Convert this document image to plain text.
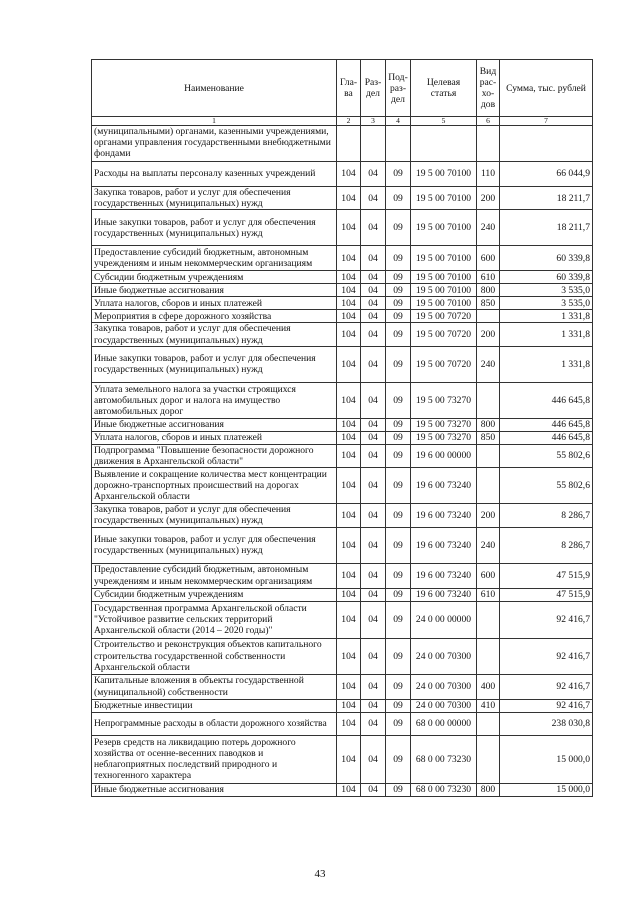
Наименование	Гла-ва	Раз-дел	Под-раз-дел	Целевая статья	Вид рас-хо-дов	Сумма, тыс. рублей
1	2	3	4	5	6	7
(муниципальными) органами, казенными учреждениями, органами управления государственными внебюджетными фондами						
Расходы на выплаты персоналу казенных учреждений	104	04	09	19 5 00 70100	110	66 044,9
Закупка товаров, работ и услуг для обеспечения государственных (муниципальных) нужд	104	04	09	19 5 00 70100	200	18 211,7
Иные закупки товаров, работ и услуг для обеспечения государственных (муниципальных) нужд	104	04	09	19 5 00 70100	240	18 211,7
Предоставление субсидий бюджетным, автономным учреждениям и иным некоммерческим организациям	104	04	09	19 5 00 70100	600	60 339,8
Субсидии бюджетным учреждениям	104	04	09	19 5 00 70100	610	60 339,8
Иные бюджетные ассигнования	104	04	09	19 5 00 70100	800	3 535,0
Уплата налогов, сборов и иных платежей	104	04	09	19 5 00 70100	850	3 535,0
Мероприятия в сфере дорожного хозяйства	104	04	09	19 5 00 70720		1 331,8
Закупка товаров, работ и услуг для обеспечения государственных (муниципальных) нужд	104	04	09	19 5 00 70720	200	1 331,8
Иные закупки товаров, работ и услуг для обеспечения государственных (муниципальных) нужд	104	04	09	19 5 00 70720	240	1 331,8
Уплата земельного налога за участки строящихся автомобильных дорог и налога на имущество автомобильных дорог	104	04	09	19 5 00 73270		446 645,8
Иные бюджетные ассигнования	104	04	09	19 5 00 73270	800	446 645,8
Уплата налогов, сборов и иных платежей	104	04	09	19 5 00 73270	850	446 645,8
Подпрограмма "Повышение безопасности дорожного движения в Архангельской области"	104	04	09	19 6 00 00000		55 802,6
Выявление и сокращение количества мест концентрации дорожно-транспортных происшествий на дорогах Архангельской области	104	04	09	19 6 00 73240		55 802,6
Закупка товаров, работ и услуг для обеспечения государственных (муниципальных) нужд	104	04	09	19 6 00 73240	200	8 286,7
Иные закупки товаров, работ и услуг для обеспечения государственных (муниципальных) нужд	104	04	09	19 6 00 73240	240	8 286,7
Предоставление субсидий бюджетным, автономным учреждениям и иным некоммерческим организациям	104	04	09	19 6 00 73240	600	47 515,9
Субсидии бюджетным учреждениям	104	04	09	19 6 00 73240	610	47 515,9
Государственная программа Архангельской области "Устойчивое развитие сельских территорий Архангельской области (2014 – 2020 годы)"	104	04	09	24 0 00 00000		92 416,7
Строительство и реконструкция объектов капитального строительства государственной собственности Архангельской области	104	04	09	24 0 00 70300		92 416,7
Капитальные вложения в объекты государственной (муниципальной) собственности	104	04	09	24 0 00 70300	400	92 416,7
Бюджетные инвестиции	104	04	09	24 0 00 70300	410	92 416,7
Непрограммные расходы в области дорожного хозяйства	104	04	09	68 0 00 00000		238 030,8
Резерв средств на ликвидацию потерь дорожного хозяйства от осенне-весенних паводков и неблагоприятных последствий природного и техногенного характера	104	04	09	68 0 00 73230		15 000,0
Иные бюджетные ассигнования	104	04	09	68 0 00 73230	800	15 000,0
43
